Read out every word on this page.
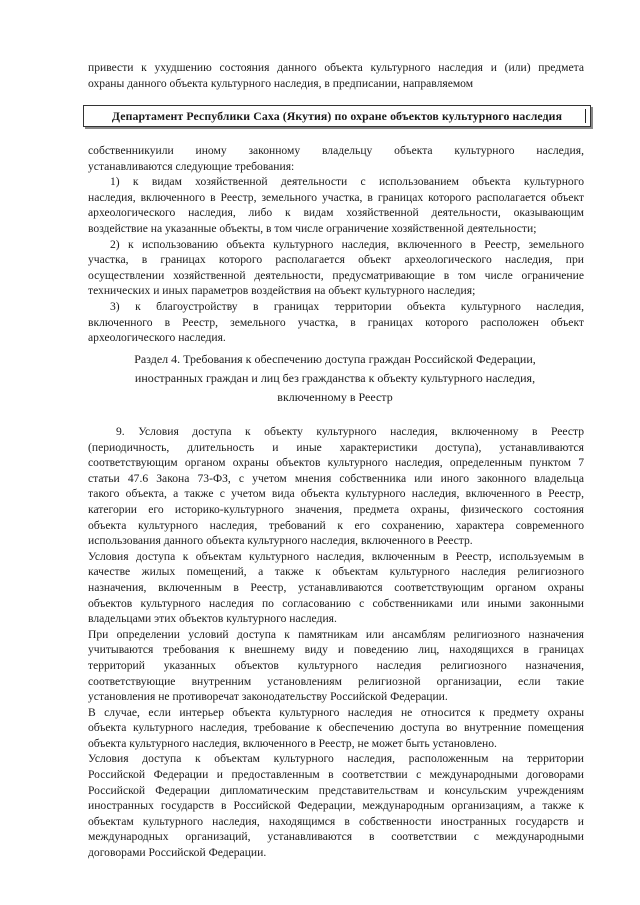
привести к ухудшению состояния данного объекта культурного наследия и (или) предмета
охраны данного объекта культурного наследия, в предписании, направляемом
Департамент Республики Саха (Якутия) по охране объектов культурного наследия
собственникуили иному законному владельцу объекта культурного наследия,
устанавливаются следующие требования:
1) к видам хозяйственной деятельности с использованием объекта культурного
наследия, включенного в Реестр, земельного участка, в границах которого располагается объект
археологического наследия, либо к видам хозяйственной деятельности, оказывающим
воздействие на указанные объекты, в том числе ограничение хозяйственной деятельности;
2) к использованию объекта культурного наследия, включенного в Реестр, земельного
участка, в границах которого располагается объект археологического наследия, при
осуществлении хозяйственной деятельности, предусматривающие в том числе ограничение
технических и иных параметров воздействия на объект культурного наследия;
3) к благоустройству в границах территории объекта культурного наследия,
включенного в Реестр, земельного участка, в границах которого расположен объект
археологического наследия.
Раздел 4. Требования к обеспечению доступа граждан Российской Федерации,
иностранных граждан и лиц без гражданства к объекту культурного наследия,
включенному в Реестр
9. Условия доступа к объекту культурного наследия, включенному в Реестр
(периодичность, длительность и иные характеристики доступа), устанавливаются
соответствующим органом охраны объектов культурного наследия, определенным пунктом 7
статьи 47.6 Закона 73-ФЗ, с учетом мнения собственника или иного законного владельца
такого объекта, а также с учетом вида объекта культурного наследия, включенного в Реестр,
категории его историко-культурного значения, предмета охраны, физического состояния
объекта культурного наследия, требований к его сохранению, характера современного
использования данного объекта культурного наследия, включенного в Реестр.
Условия доступа к объектам культурного наследия, включенным в Реестр, используемым в
качестве жилых помещений, а также к объектам культурного наследия религиозного
назначения, включенным в Реестр, устанавливаются соответствующим органом охраны
объектов культурного наследия по согласованию с собственниками или иными законными
владельцами этих объектов культурного наследия.
При определении условий доступа к памятникам или ансамблям религиозного назначения
учитываются требования к внешнему виду и поведению лиц, находящихся в границах
территорий указанных объектов культурного наследия религиозного назначения,
соответствующие внутренним установлениям религиозной организации, если такие
установления не противоречат законодательству Российской Федерации.
В случае, если интерьер объекта культурного наследия не относится к предмету охраны
объекта культурного наследия, требование к обеспечению доступа во внутренние помещения
объекта культурного наследия, включенного в Реестр, не может быть установлено.
Условия доступа к объектам культурного наследия, расположенным на территории
Российской Федерации и предоставленным в соответствии с международными договорами
Российской Федерации дипломатическим представительствам и консульским учреждениям
иностранных государств в Российской Федерации, международным организациям, а также к
объектам культурного наследия, находящимся в собственности иностранных государств и
международных организаций, устанавливаются в соответствии с международными
договорами Российской Федерации.
